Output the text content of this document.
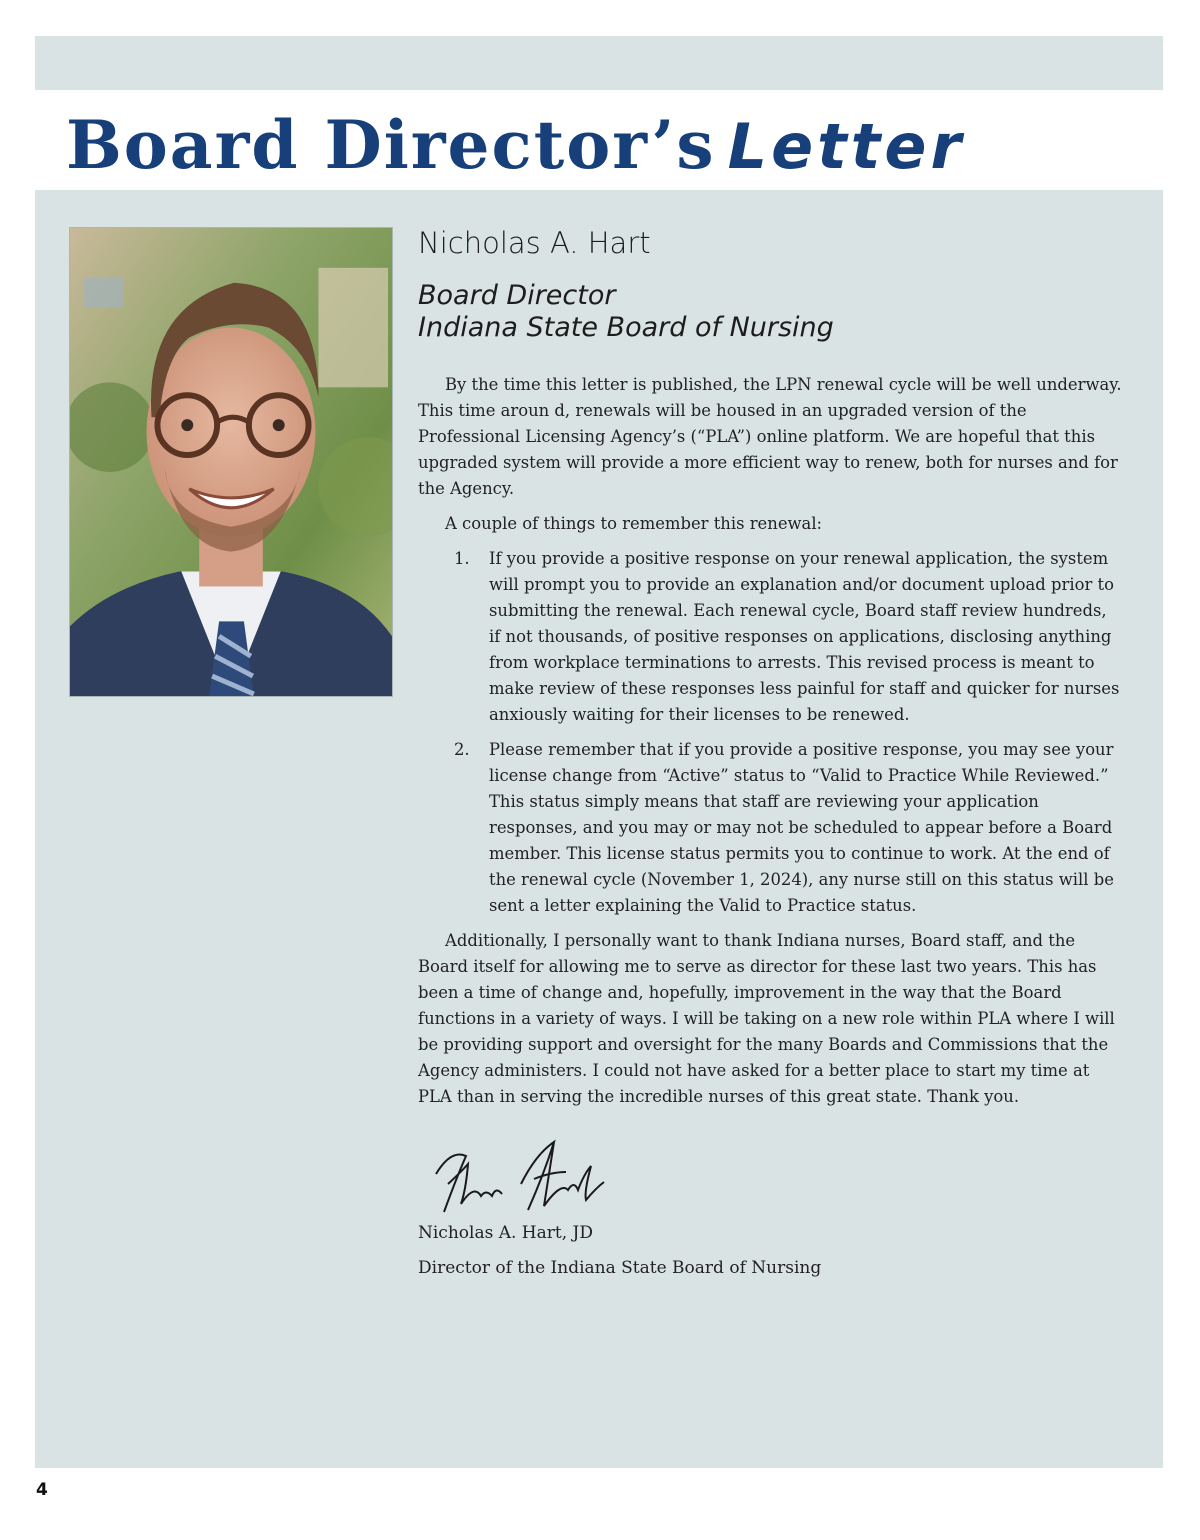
Board Director’s Letter
Nicholas A. Hart
Board Director
Indiana State Board of Nursing

By the time this letter is published, the LPN renewal cycle will be well underway. This time aroun d, renewals will be housed in an upgraded version of the Professional Licensing Agency’s (“PLA”) online platform. We are hopeful that this upgraded system will provide a more efficient way to renew, both for nurses and for the Agency.

A couple of things to remember this renewal:

1. If you provide a positive response on your renewal application, the system will prompt you to provide an explanation and/or document upload prior to submitting the renewal. Each renewal cycle, Board staff review hundreds, if not thousands, of positive responses on applications, disclosing anything from workplace terminations to arrests. This revised process is meant to make review of these responses less painful for staff and quicker for nurses anxiously waiting for their licenses to be renewed.
2. Please remember that if you provide a positive response, you may see your license change from “Active” status to “Valid to Practice While Reviewed.” This status simply means that staff are reviewing your application responses, and you may or may not be scheduled to appear before a Board member. This license status permits you to continue to work. At the end of the renewal cycle (November 1, 2024), any nurse still on this status will be sent a letter explaining the Valid to Practice status.

Additionally, I personally want to thank Indiana nurses, Board staff, and the Board itself for allowing me to serve as director for these last two years. This has been a time of change and, hopefully, improvement in the way that the Board functions in a variety of ways. I will be taking on a new role within PLA where I will be providing support and oversight for the many Boards and Commissions that the Agency administers. I could not have asked for a better place to start my time at PLA than in serving the incredible nurses of this great state. Thank you.

Nicholas A. Hart, JD

Director of the Indiana State Board of Nursing

4
